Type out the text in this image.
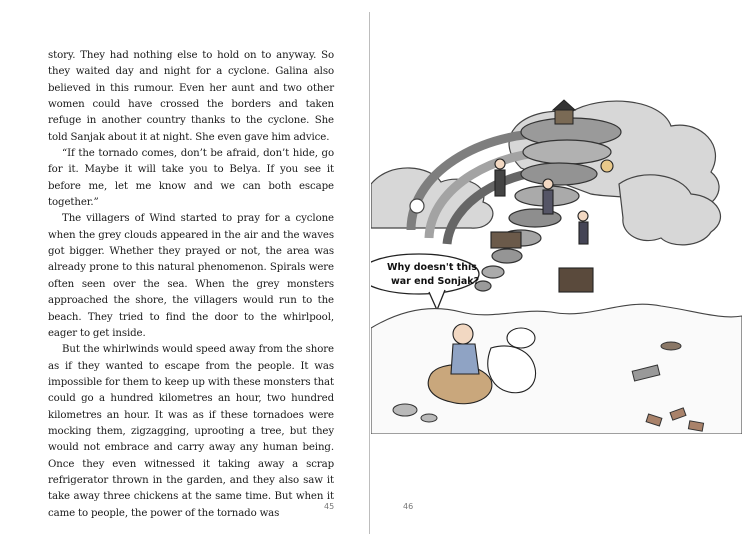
story. They had nothing else to hold on to anyway. So they waited day and night for a cyclone. Galina also believed in this rumour. Even her aunt and two other women could have crossed the borders and taken refuge in another country thanks to the cyclone. She told Sanjak about it at night. She even gave him advice.

“If the tornado comes, don’t be afraid, don’t hide, go for it. Maybe it will take you to Belya. If you see it before me, let me know and we can both escape together.”

The villagers of Wind started to pray for a cyclone when the grey clouds appeared in the air and the waves got bigger. Whether they prayed or not, the area was already prone to this natural phenomenon. Spirals were often seen over the sea. When the grey monsters approached the shore, the villagers would run to the beach. They tried to find the door to the whirlpool, eager to get inside.

But the whirlwinds would speed away from the shore as if they wanted to escape from the people. It was impossible for them to keep up with these monsters that could go a hundred kilometres an hour, two hundred kilometres an hour. It was as if these tornadoes were mocking them, zigzagging, uprooting a tree, but they would not embrace and carry away any human being. Once they even witnessed it taking away a scrap refrigerator thrown in the garden, and they also saw it take away three chickens at the same time. But when it came to people, the power of the tornado was

45
Why doesn't this
war end Sonjak?
46
